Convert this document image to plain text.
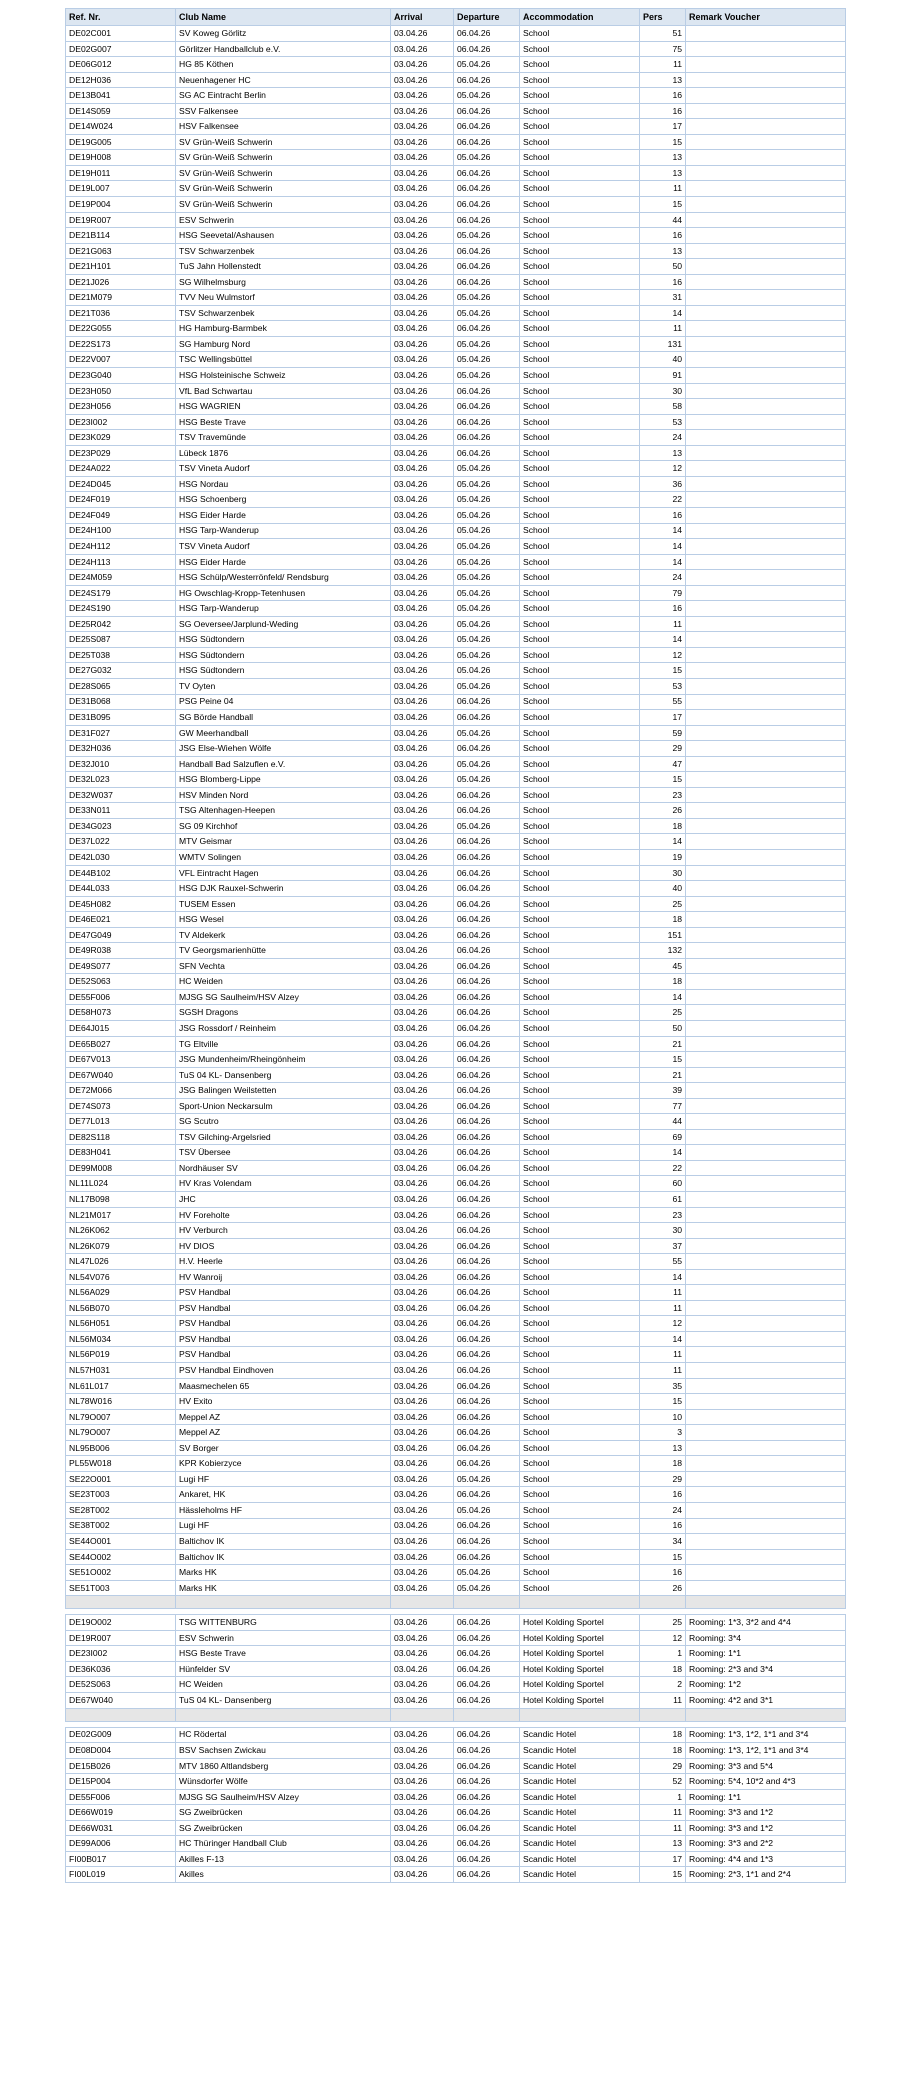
Ref. Nr.	Club Name	Arrival	Departure	Accommodation	Pers	Remark Voucher
DE02C001	SV Koweg Görlitz	03.04.26	06.04.26	School	51	
DE02G007	Görlitzer Handballclub e.V.	03.04.26	06.04.26	School	75	
DE06G012	HG 85 Köthen	03.04.26	05.04.26	School	11	
DE12H036	Neuenhagener HC	03.04.26	06.04.26	School	13	
DE13B041	SG AC Eintracht Berlin	03.04.26	05.04.26	School	16	
DE14S059	SSV Falkensee	03.04.26	06.04.26	School	16	
DE14W024	HSV Falkensee	03.04.26	06.04.26	School	17	
DE19G005	SV Grün-Weiß Schwerin	03.04.26	06.04.26	School	15	
DE19H008	SV Grün-Weiß Schwerin	03.04.26	05.04.26	School	13	
DE19H011	SV Grün-Weiß Schwerin	03.04.26	06.04.26	School	13	
DE19L007	SV Grün-Weiß Schwerin	03.04.26	06.04.26	School	11	
DE19P004	SV Grün-Weiß Schwerin	03.04.26	06.04.26	School	15	
DE19R007	ESV Schwerin	03.04.26	06.04.26	School	44	
DE21B114	HSG Seevetal/Ashausen	03.04.26	05.04.26	School	16	
DE21G063	TSV Schwarzenbek	03.04.26	06.04.26	School	13	
DE21H101	TuS Jahn Hollenstedt	03.04.26	06.04.26	School	50	
DE21J026	SG Wilhelmsburg	03.04.26	06.04.26	School	16	
DE21M079	TVV Neu Wulmstorf	03.04.26	05.04.26	School	31	
DE21T036	TSV Schwarzenbek	03.04.26	05.04.26	School	14	
DE22G055	HG Hamburg-Barmbek	03.04.26	06.04.26	School	11	
DE22S173	SG Hamburg Nord	03.04.26	05.04.26	School	131	
DE22V007	TSC Wellingsbüttel	03.04.26	05.04.26	School	40	
DE23G040	HSG Holsteinische Schweiz	03.04.26	05.04.26	School	91	
DE23H050	VfL Bad Schwartau	03.04.26	06.04.26	School	30	
DE23H056	HSG WAGRIEN	03.04.26	06.04.26	School	58	
DE23I002	HSG Beste Trave	03.04.26	06.04.26	School	53	
DE23K029	TSV Travemünde	03.04.26	06.04.26	School	24	
DE23P029	Lübeck 1876	03.04.26	06.04.26	School	13	
DE24A022	TSV Vineta Audorf	03.04.26	05.04.26	School	12	
DE24D045	HSG Nordau	03.04.26	05.04.26	School	36	
DE24F019	HSG Schoenberg	03.04.26	05.04.26	School	22	
DE24F049	HSG Eider Harde	03.04.26	05.04.26	School	16	
DE24H100	HSG Tarp-Wanderup	03.04.26	05.04.26	School	14	
DE24H112	TSV Vineta Audorf	03.04.26	05.04.26	School	14	
DE24H113	HSG Eider Harde	03.04.26	05.04.26	School	14	
DE24M059	HSG Schülp/Westerrönfeld/ Rendsburg	03.04.26	05.04.26	School	24	
DE24S179	HG Owschlag-Kropp-Tetenhusen	03.04.26	05.04.26	School	79	
DE24S190	HSG Tarp-Wanderup	03.04.26	05.04.26	School	16	
DE25R042	SG Oeversee/Jarplund-Weding	03.04.26	05.04.26	School	11	
DE25S087	HSG Südtondern	03.04.26	05.04.26	School	14	
DE25T038	HSG Südtondern	03.04.26	05.04.26	School	12	
DE27G032	HSG Südtondern	03.04.26	05.04.26	School	15	
DE28S065	TV Oyten	03.04.26	05.04.26	School	53	
DE31B068	PSG Peine 04	03.04.26	06.04.26	School	55	
DE31B095	SG Börde Handball	03.04.26	06.04.26	School	17	
DE31F027	GW Meerhandball	03.04.26	05.04.26	School	59	
DE32H036	JSG Else-Wiehen Wölfe	03.04.26	06.04.26	School	29	
DE32J010	Handball Bad Salzuflen e.V.	03.04.26	05.04.26	School	47	
DE32L023	HSG Blomberg-Lippe	03.04.26	05.04.26	School	15	
DE32W037	HSV Minden Nord	03.04.26	06.04.26	School	23	
DE33N011	TSG Altenhagen-Heepen	03.04.26	06.04.26	School	26	
DE34G023	SG 09 Kirchhof	03.04.26	05.04.26	School	18	
DE37L022	MTV Geismar	03.04.26	06.04.26	School	14	
DE42L030	WMTV Solingen	03.04.26	06.04.26	School	19	
DE44B102	VFL Eintracht Hagen	03.04.26	06.04.26	School	30	
DE44L033	HSG DJK Rauxel-Schwerin	03.04.26	06.04.26	School	40	
DE45H082	TUSEM Essen	03.04.26	06.04.26	School	25	
DE46E021	HSG Wesel	03.04.26	06.04.26	School	18	
DE47G049	TV Aldekerk	03.04.26	06.04.26	School	151	
DE49R038	TV Georgsmarienhütte	03.04.26	06.04.26	School	132	
DE49S077	SFN Vechta	03.04.26	06.04.26	School	45	
DE52S063	HC Weiden	03.04.26	06.04.26	School	18	
DE55F006	MJSG SG Saulheim/HSV Alzey	03.04.26	06.04.26	School	14	
DE58H073	SGSH Dragons	03.04.26	06.04.26	School	25	
DE64J015	JSG Rossdorf / Reinheim	03.04.26	06.04.26	School	50	
DE65B027	TG Eltville	03.04.26	06.04.26	School	21	
DE67V013	JSG Mundenheim/Rheingönheim	03.04.26	06.04.26	School	15	
DE67W040	TuS 04 KL- Dansenberg	03.04.26	06.04.26	School	21	
DE72M066	JSG Balingen Weilstetten	03.04.26	06.04.26	School	39	
DE74S073	Sport-Union Neckarsulm	03.04.26	06.04.26	School	77	
DE77L013	SG Scutro	03.04.26	06.04.26	School	44	
DE82S118	TSV Gilching-Argelsried	03.04.26	06.04.26	School	69	
DE83H041	TSV Übersee	03.04.26	06.04.26	School	14	
DE99M008	Nordhäuser SV	03.04.26	06.04.26	School	22	
NL11L024	HV Kras Volendam	03.04.26	06.04.26	School	60	
NL17B098	JHC	03.04.26	06.04.26	School	61	
NL21M017	HV Foreholte	03.04.26	06.04.26	School	23	
NL26K062	HV Verburch	03.04.26	06.04.26	School	30	
NL26K079	HV DIOS	03.04.26	06.04.26	School	37	
NL47L026	H.V. Heerle	03.04.26	06.04.26	School	55	
NL54V076	HV Wanroij	03.04.26	06.04.26	School	14	
NL56A029	PSV Handbal	03.04.26	06.04.26	School	11	
NL56B070	PSV Handbal	03.04.26	06.04.26	School	11	
NL56H051	PSV Handbal	03.04.26	06.04.26	School	12	
NL56M034	PSV Handbal	03.04.26	06.04.26	School	14	
NL56P019	PSV Handbal	03.04.26	06.04.26	School	11	
NL57H031	PSV Handbal Eindhoven	03.04.26	06.04.26	School	11	
NL61L017	Maasmechelen 65	03.04.26	06.04.26	School	35	
NL78W016	HV Exito	03.04.26	06.04.26	School	15	
NL79O007	Meppel AZ	03.04.26	06.04.26	School	10	
NL79O007	Meppel AZ	03.04.26	06.04.26	School	3	
NL95B006	SV Borger	03.04.26	06.04.26	School	13	
PL55W018	KPR Kobierzyce	03.04.26	06.04.26	School	18	
SE22O001	Lugi HF	03.04.26	05.04.26	School	29	
SE23T003	Ankaret, HK	03.04.26	06.04.26	School	16	
SE28T002	Hässleholms HF	03.04.26	05.04.26	School	24	
SE38T002	Lugi HF	03.04.26	06.04.26	School	16	
SE44O001	Baltichov IK	03.04.26	06.04.26	School	34	
SE44O002	Baltichov IK	03.04.26	06.04.26	School	15	
SE51O002	Marks HK	03.04.26	05.04.26	School	16	
SE51T003	Marks HK	03.04.26	05.04.26	School	26	

DE19O002	TSG WITTENBURG	03.04.26	06.04.26	Hotel Kolding Sportel	25	Rooming: 1*3, 3*2 and 4*4
DE19R007	ESV Schwerin	03.04.26	06.04.26	Hotel Kolding Sportel	12	Rooming: 3*4
DE23I002	HSG Beste Trave	03.04.26	06.04.26	Hotel Kolding Sportel	1	Rooming: 1*1
DE36K036	Hünfelder SV	03.04.26	06.04.26	Hotel Kolding Sportel	18	Rooming: 2*3 and 3*4
DE52S063	HC Weiden	03.04.26	06.04.26	Hotel Kolding Sportel	2	Rooming: 1*2
DE67W040	TuS 04 KL- Dansenberg	03.04.26	06.04.26	Hotel Kolding Sportel	11	Rooming: 4*2 and 3*1

DE02G009	HC Rödertal	03.04.26	06.04.26	Scandic Hotel	18	Rooming: 1*3, 1*2, 1*1 and 3*4
DE08D004	BSV Sachsen Zwickau	03.04.26	06.04.26	Scandic Hotel	18	Rooming: 1*3, 1*2, 1*1 and 3*4
DE15B026	MTV 1860 Altlandsberg	03.04.26	06.04.26	Scandic Hotel	29	Rooming: 3*3 and 5*4
DE15P004	Wünsdorfer Wölfe	03.04.26	06.04.26	Scandic Hotel	52	Rooming: 5*4, 10*2 and 4*3
DE55F006	MJSG SG Saulheim/HSV Alzey	03.04.26	06.04.26	Scandic Hotel	1	Rooming: 1*1
DE66W019	SG Zweibrücken	03.04.26	06.04.26	Scandic Hotel	11	Rooming: 3*3 and 1*2
DE66W031	SG Zweibrücken	03.04.26	06.04.26	Scandic Hotel	11	Rooming: 3*3 and 1*2
DE99A006	HC Thüringer Handball Club	03.04.26	06.04.26	Scandic Hotel	13	Rooming: 3*3 and 2*2
FI00B017	Akilles F-13	03.04.26	06.04.26	Scandic Hotel	17	Rooming: 4*4 and 1*3
FI00L019	Akilles	03.04.26	06.04.26	Scandic Hotel	15	Rooming: 2*3, 1*1 and 2*4
